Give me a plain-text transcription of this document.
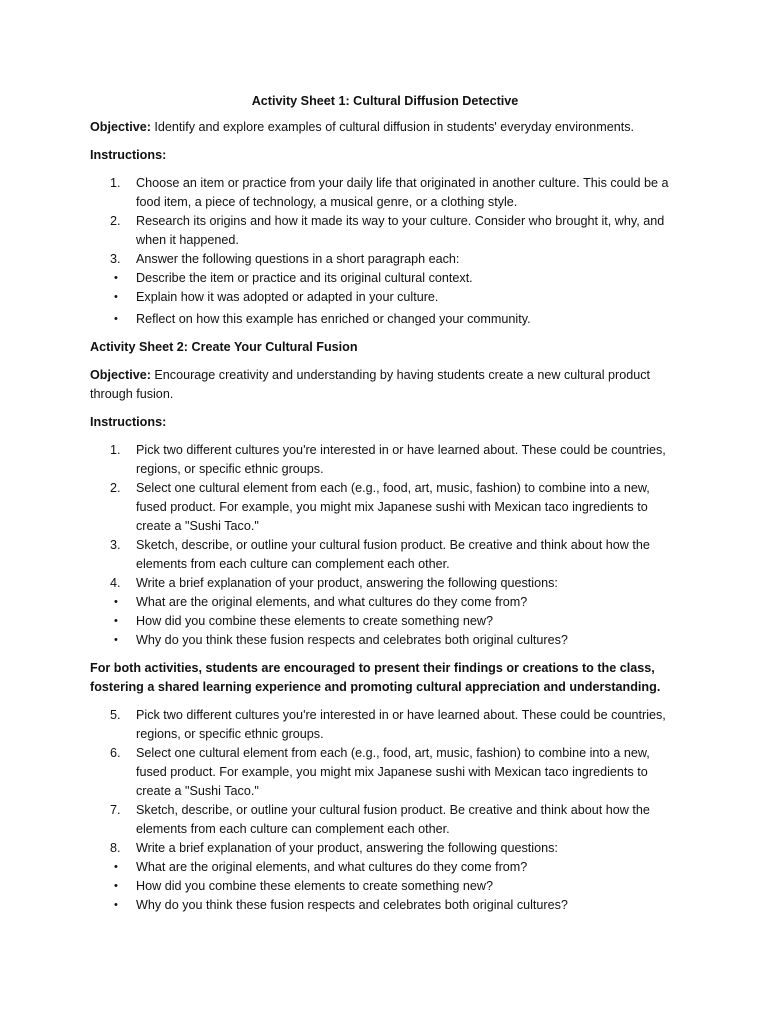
Activity Sheet 1: Cultural Diffusion Detective
Objective: Identify and explore examples of cultural diffusion in students' everyday environments.
Instructions:
1.	Choose an item or practice from your daily life that originated in another culture. This could be a food item, a piece of technology, a musical genre, or a clothing style.
2.	Research its origins and how it made its way to your culture. Consider who brought it, why, and when it happened.
3.	Answer the following questions in a short paragraph each:
•	Describe the item or practice and its original cultural context.
•	Explain how it was adopted or adapted in your culture.
•	Reflect on how this example has enriched or changed your community.
Activity Sheet 2: Create Your Cultural Fusion
Objective: Encourage creativity and understanding by having students create a new cultural product through fusion.
Instructions:
1.	Pick two different cultures you're interested in or have learned about. These could be countries, regions, or specific ethnic groups.
2.	Select one cultural element from each (e.g., food, art, music, fashion) to combine into a new, fused product. For example, you might mix Japanese sushi with Mexican taco ingredients to create a "Sushi Taco."
3.	Sketch, describe, or outline your cultural fusion product. Be creative and think about how the elements from each culture can complement each other.
4.	Write a brief explanation of your product, answering the following questions:
•	What are the original elements, and what cultures do they come from?
•	How did you combine these elements to create something new?
•	Why do you think these fusion respects and celebrates both original cultures?
For both activities, students are encouraged to present their findings or creations to the class, fostering a shared learning experience and promoting cultural appreciation and understanding.
5.	Pick two different cultures you're interested in or have learned about. These could be countries, regions, or specific ethnic groups.
6.	Select one cultural element from each (e.g., food, art, music, fashion) to combine into a new, fused product. For example, you might mix Japanese sushi with Mexican taco ingredients to create a "Sushi Taco."
7.	Sketch, describe, or outline your cultural fusion product. Be creative and think about how the elements from each culture can complement each other.
8.	Write a brief explanation of your product, answering the following questions:
•	What are the original elements, and what cultures do they come from?
•	How did you combine these elements to create something new?
•	Why do you think these fusion respects and celebrates both original cultures?
